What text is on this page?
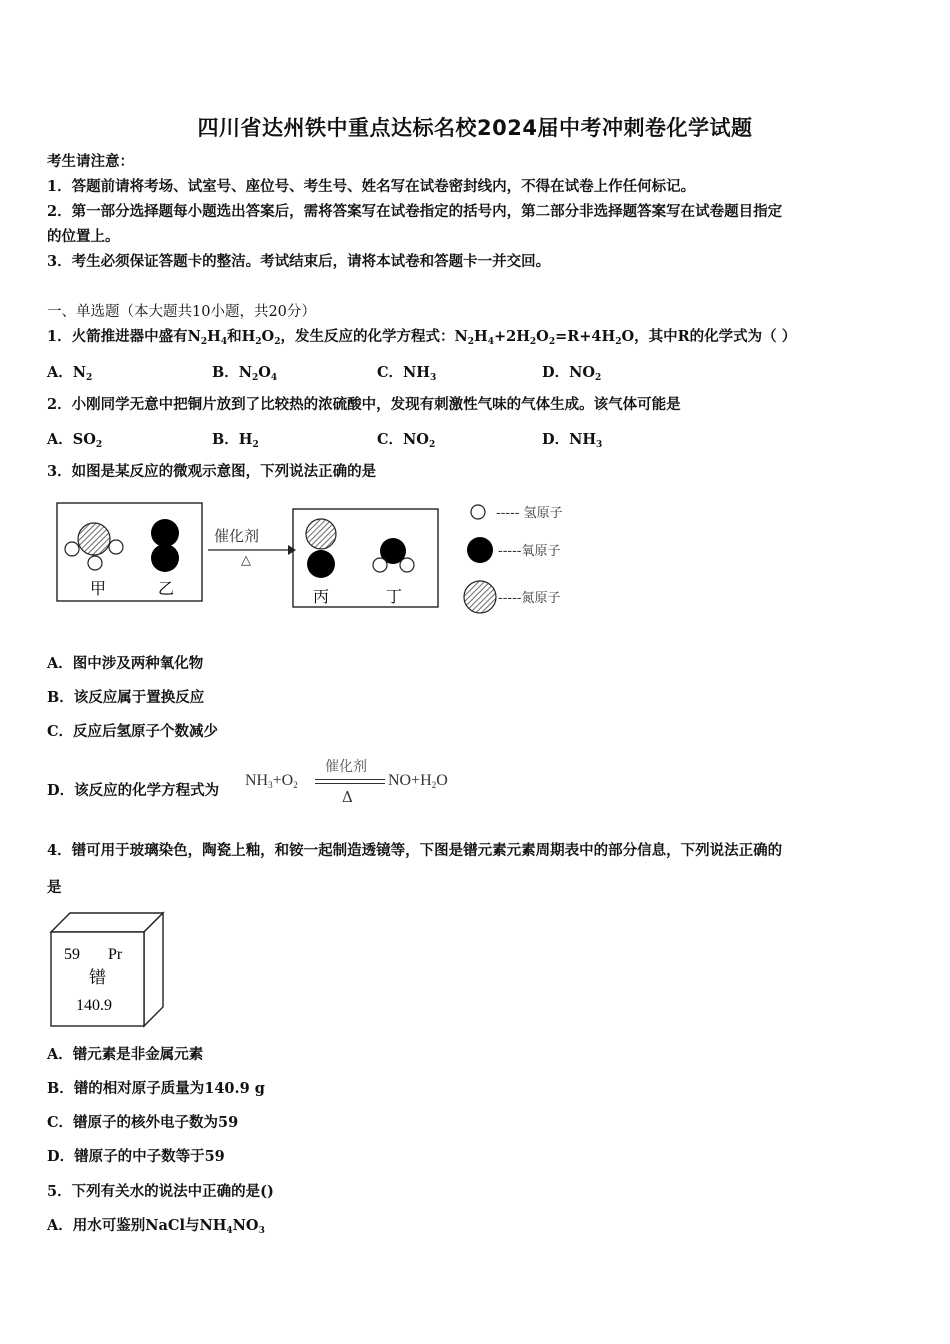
四川省达州铁中重点达标名校2024届中考冲刺卷化学试题
考生请注意：
1．答题前请将考场、试室号、座位号、考生号、姓名写在试卷密封线内，不得在试卷上作任何标记。
2．第一部分选择题每小题选出答案后，需将答案写在试卷指定的括号内，第二部分非选择题答案写在试卷题目指定
的位置上。
3．考生必须保证答题卡的整洁。考试结束后，请将本试卷和答题卡一并交回。
一、单选题（本大题共10小题，共20分）
1．火箭推进器中盛有$N_2H_4$和$H_2O_2$，发生反应的化学方程式：$N_2H_4+2H_2O_2=R+4H_2O$，其中R的化学式为（ ）
A．$N_2$	B．$N_2O_4$	C．$NH_3$	D．$NO_2$
2．小刚同学无意中把铜片放到了比较热的浓硫酸中，发现有刺激性气味的气体生成。该气体可能是
A．$SO_2$	B．$H_2$	C．$NO_2$	D．$NH_3$
3．如图是某反应的微观示意图，下列说法正确的是
甲	乙
催化剂
△
丙	丁
----- 氢原子
-----氧原子
-----氮原子
A．图中涉及两种氧化物
B．该反应属于置换反应
C．反应后氢原子个数减少
D．该反应的化学方程式为
$NH_3+O_2$
催化剂
Δ
$NO+H_2O$
4．镨可用于玻璃染色，陶瓷上釉，和铵一起制造透镜等，下图是镨元素元素周期表中的部分信息，下列说法正确的
是
59 Pr
镨
140.9
A．镨元素是非金属元素
B．镨的相对原子质量为140.9 g
C．镨原子的核外电子数为59
D．镨原子的中子数等于59
5．下列有关水的说法中正确的是()
A．用水可鉴别NaCl与$NH_4NO_3$
